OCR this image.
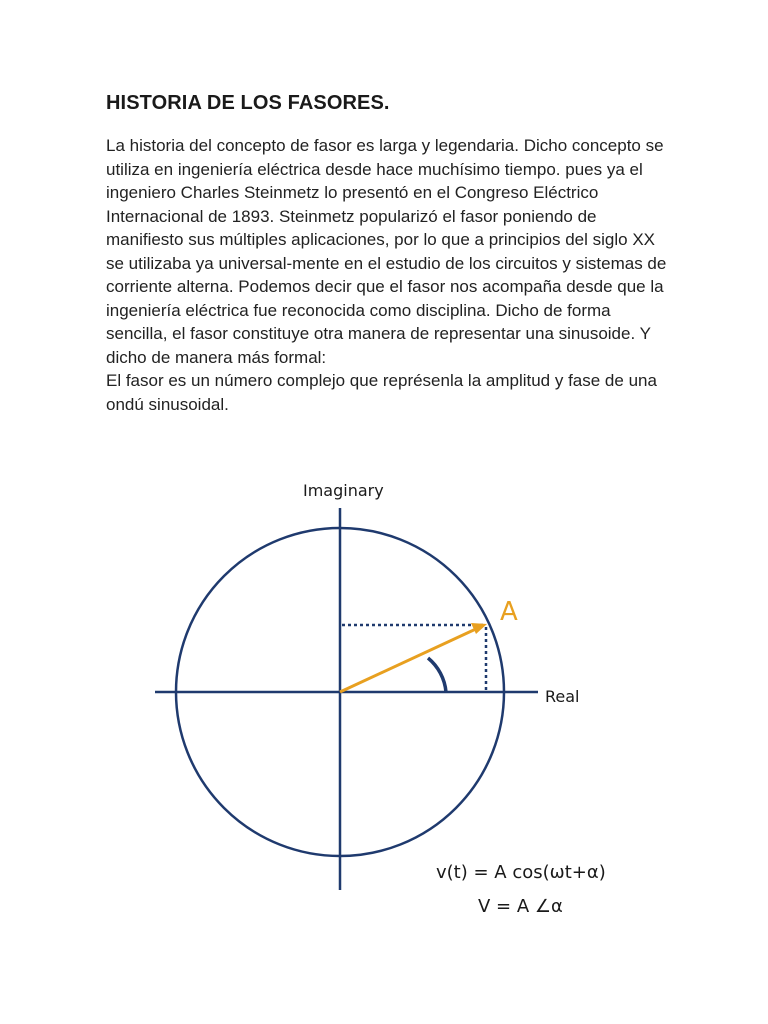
HISTORIA DE LOS FASORES.

La historia del concepto de fasor es larga y legendaria. Dicho concepto se utiliza en ingeniería eléctrica desde hace muchísimo tiempo. pues ya el ingeniero Charles Steinmetz lo presentó en el Congreso Eléctrico Internacional de 1893. Steinmetz popularizó el fasor poniendo de manifiesto sus múltiples aplicaciones, por lo que a principios del siglo XX se utilizaba ya universal-mente en el estudio de los circuitos y sistemas de corriente alterna. Podemos decir que el fasor nos acompaña desde que la ingeniería eléctrica fue reconocida como disciplina. Dicho de forma sencilla, el fasor constituye otra manera de representar una sinusoide. Y dicho de manera más formal:

El fasor es un número complejo que représenla la amplitud y fase de una ondú sinusoidal.

Imaginary
Real
A
v(t) = A cos(ωt+α)
V = A ∠α
